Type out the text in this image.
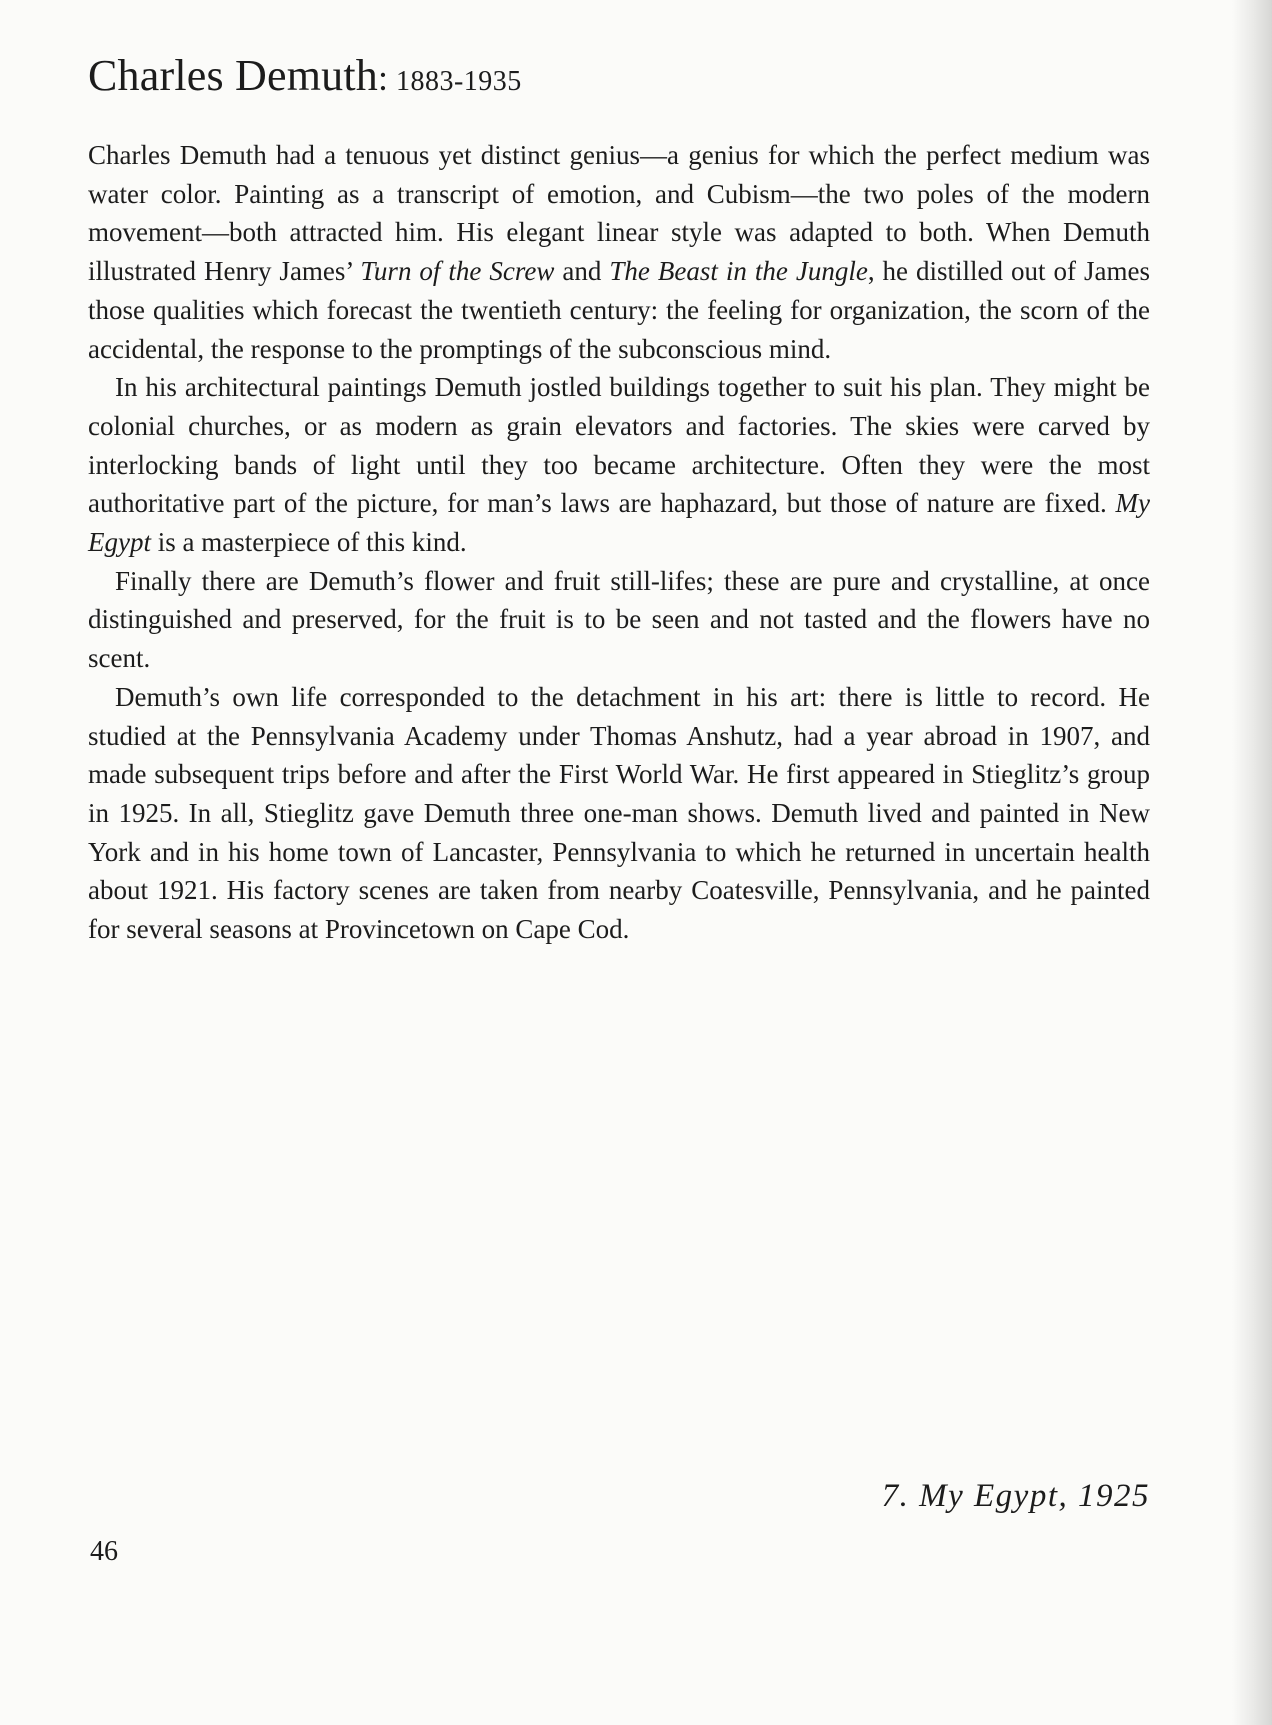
Charles Demuth: 1883-1935

Charles Demuth had a tenuous yet distinct genius—a genius for which the perfect medium was water color. Painting as a transcript of emotion, and Cubism—the two poles of the modern movement—both attracted him. His elegant linear style was adapted to both. When Demuth illustrated Henry James’ Turn of the Screw and The Beast in the Jungle, he distilled out of James those qualities which forecast the twentieth century: the feeling for organization, the scorn of the accidental, the response to the promptings of the subconscious mind.

In his architectural paintings Demuth jostled buildings together to suit his plan. They might be colonial churches, or as modern as grain elevators and factories. The skies were carved by interlocking bands of light until they too became architecture. Often they were the most authoritative part of the picture, for man’s laws are haphazard, but those of nature are fixed. My Egypt is a masterpiece of this kind.

Finally there are Demuth’s flower and fruit still-lifes; these are pure and crystalline, at once distinguished and preserved, for the fruit is to be seen and not tasted and the flowers have no scent.

Demuth’s own life corresponded to the detachment in his art: there is little to record. He studied at the Pennsylvania Academy under Thomas Anshutz, had a year abroad in 1907, and made subsequent trips before and after the First World War. He first appeared in Stieglitz’s group in 1925. In all, Stieglitz gave Demuth three one-man shows. Demuth lived and painted in New York and in his home town of Lancaster, Pennsylvania to which he returned in uncertain health about 1921. His factory scenes are taken from nearby Coatesville, Pennsylvania, and he painted for several seasons at Provincetown on Cape Cod.

7. My Egypt, 1925
46
